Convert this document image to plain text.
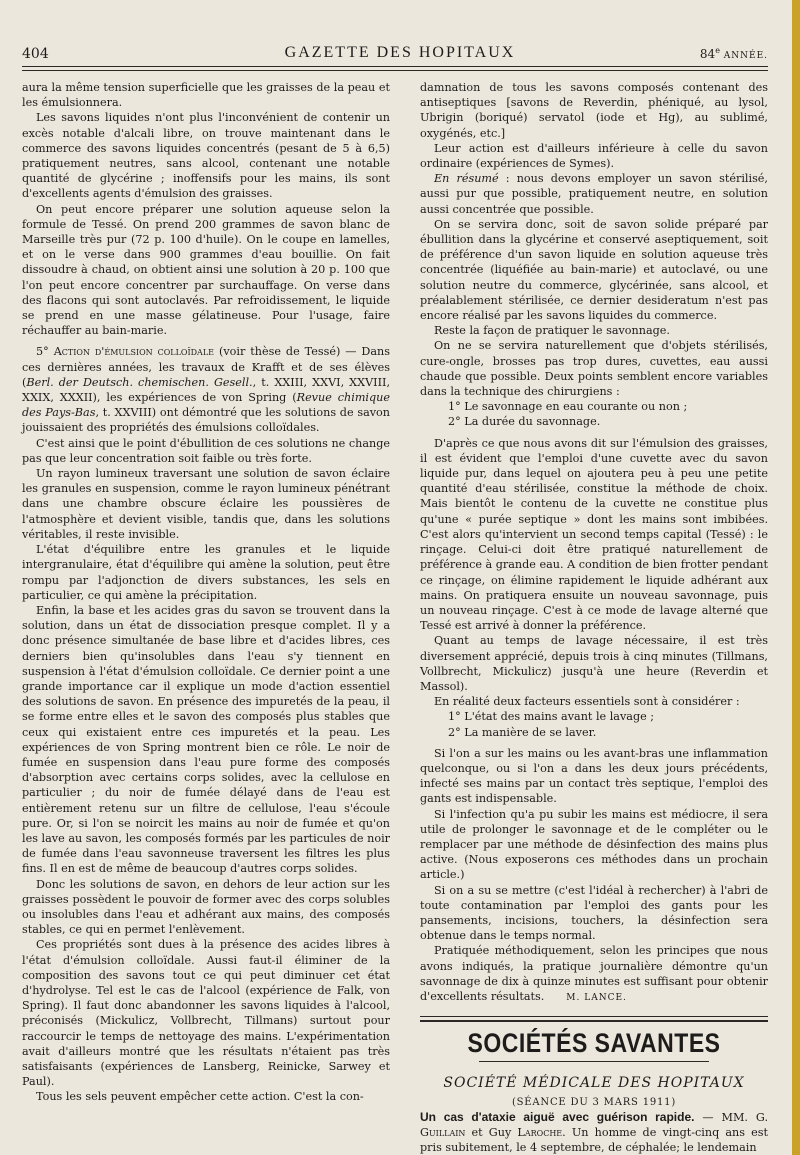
404	GAZETTE DES HOPITAUX	84e ANNÉE.

aura la même tension superficielle que les graisses de la peau et les émulsionnera.

Les savons liquides n'ont plus l'inconvénient de contenir un excès notable d'alcali libre, on trouve maintenant dans le commerce des savons liquides concentrés (pesant de 5 à 6,5) pratiquement neutres, sans alcool, contenant une notable quantité de glycérine ; inoffensifs pour les mains, ils sont d'excellents agents d'émulsion des graisses.

On peut encore préparer une solution aqueuse selon la formule de Tessé. On prend 200 grammes de savon blanc de Marseille très pur (72 p. 100 d'huile). On le coupe en lamelles, et on le verse dans 900 grammes d'eau bouillie. On fait dissoudre à chaud, on obtient ainsi une solution à 20 p. 100 que l'on peut encore concentrer par surchauffage. On verse dans des flacons qui sont autoclavés. Par refroidissement, le liquide se prend en une masse gélatineuse. Pour l'usage, faire réchauffer au bain-marie.

5° Action d'émulsion colloïdale (voir thèse de Tessé) — Dans ces dernières années, les travaux de Krafft et de ses élèves (Berl. der Deutsch. chemischen. Gesell., t. XXIII, XXVI, XXVIII, XXIX, XXXII), les expériences de von Spring (Revue chimique des Pays-Bas, t. XXVIII) ont démontré que les solutions de savon jouissaient des propriétés des émulsions colloïdales.

C'est ainsi que le point d'ébullition de ces solutions ne change pas que leur concentration soit faible ou très forte.

Un rayon lumineux traversant une solution de savon éclaire les granules en suspension, comme le rayon lumineux pénétrant dans une chambre obscure éclaire les poussières de l'atmosphère et devient visible, tandis que, dans les solutions véritables, il reste invisible.

L'état d'équilibre entre les granules et le liquide intergranulaire, état d'équilibre qui amène la solution, peut être rompu par l'adjonction de divers substances, les sels en particulier, ce qui amène la précipitation.

Enfin, la base et les acides gras du savon se trouvent dans la solution, dans un état de dissociation presque complet. Il y a donc présence simultanée de base libre et d'acides libres, ces derniers bien qu'insolubles dans l'eau s'y tiennent en suspension à l'état d'émulsion colloïdale. Ce dernier point a une grande importance car il explique un mode d'action essentiel des solutions de savon. En présence des impuretés de la peau, il se forme entre elles et le savon des composés plus stables que ceux qui existaient entre ces impuretés et la peau. Les expériences de von Spring montrent bien ce rôle. Le noir de fumée en suspension dans l'eau pure forme des composés d'absorption avec certains corps solides, avec la cellulose en particulier ; du noir de fumée délayé dans de l'eau est entièrement retenu sur un filtre de cellulose, l'eau s'écoule pure. Or, si l'on se noircit les mains au noir de fumée et qu'on les lave au savon, les composés formés par les particules de noir de fumée dans l'eau savonneuse traversent les filtres les plus fins. Il en est de même de beaucoup d'autres corps solides.

Donc les solutions de savon, en dehors de leur action sur les graisses possèdent le pouvoir de former avec des corps solubles ou insolubles dans l'eau et adhérant aux mains, des composés stables, ce qui en permet l'enlèvement.

Ces propriétés sont dues à la présence des acides libres à l'état d'émulsion colloïdale. Aussi faut-il éliminer de la composition des savons tout ce qui peut diminuer cet état d'hydrolyse. Tel est le cas de l'alcool (expérience de Falk, von Spring). Il faut donc abandonner les savons liquides à l'alcool, préconisés (Mickulicz, Vollbrecht, Tillmans) surtout pour raccourcir le temps de nettoyage des mains. L'expérimentation avait d'ailleurs montré que les résultats n'étaient pas très satisfaisants (expériences de Lansberg, Reinicke, Sarwey et Paul).

Tous les sels peuvent empêcher cette action. C'est la con-

damnation de tous les savons composés contenant des antiseptiques [savons de Reverdin, phéniqué, au lysol, Ubrigin (boriqué) servatol (iode et Hg), au sublimé, oxygénés, etc.]

Leur action est d'ailleurs inférieure à celle du savon ordinaire (expériences de Symes).

En résumé : nous devons employer un savon stérilisé, aussi pur que possible, pratiquement neutre, en solution aussi concentrée que possible.

On se servira donc, soit de savon solide préparé par ébullition dans la glycérine et conservé aseptiquement, soit de préférence d'un savon liquide en solution aqueuse très concentrée (liquéfiée au bain-marie) et autoclavé, ou une solution neutre du commerce, glycérinée, sans alcool, et préalablement stérilisée, ce dernier desideratum n'est pas encore réalisé par les savons liquides du commerce.

Reste la façon de pratiquer le savonnage.

On ne se servira naturellement que d'objets stérilisés, cure-ongle, brosses pas trop dures, cuvettes, eau aussi chaude que possible. Deux points semblent encore variables dans la technique des chirurgiens :

1° Le savonnage en eau courante ou non ;

2° La durée du savonnage.

D'après ce que nous avons dit sur l'émulsion des graisses, il est évident que l'emploi d'une cuvette avec du savon liquide pur, dans lequel on ajoutera peu à peu une petite quantité d'eau stérilisée, constitue la méthode de choix. Mais bientôt le contenu de la cuvette ne constitue plus qu'une « purée septique » dont les mains sont imbibées. C'est alors qu'intervient un second temps capital (Tessé) : le rinçage. Celui-ci doit être pratiqué naturellement de préférence à grande eau. A condition de bien frotter pendant ce rinçage, on élimine rapidement le liquide adhérant aux mains. On pratiquera ensuite un nouveau savonnage, puis un nouveau rinçage. C'est à ce mode de lavage alterné que Tessé est arrivé à donner la préférence.

Quant au temps de lavage nécessaire, il est très diversement apprécié, depuis trois à cinq minutes (Tillmans, Vollbrecht, Mickulicz) jusqu'à une heure (Reverdin et Massol).

En réalité deux facteurs essentiels sont à considérer :

1° L'état des mains avant le lavage ;

2° La manière de se laver.

Si l'on a sur les mains ou les avant-bras une inflammation quelconque, ou si l'on a dans les deux jours précédents, infecté ses mains par un contact très septique, l'emploi des gants est indispensable.

Si l'infection qu'a pu subir les mains est médiocre, il sera utile de prolonger le savonnage et de le compléter ou le remplacer par une méthode de désinfection des mains plus active. (Nous exposerons ces méthodes dans un prochain article.)

Si on a su se mettre (c'est l'idéal à rechercher) à l'abri de toute contamination par l'emploi des gants pour les pansements, incisions, touchers, la désinfection sera obtenue dans le temps normal.

Pratiquée méthodiquement, selon les principes que nous avons indiqués, la pratique journalière démontre qu'un savonnage de dix à quinze minutes est suffisant pour obtenir d'excellents résultats. M. LANCE.

SOCIÉTÉS SAVANTES
SOCIÉTÉ MÉDICALE DES HOPITAUX
(SÉANCE DU 3 MARS 1911)

Un cas d'ataxie aiguë avec guérison rapide. — MM. G. Guillain et Guy Laroche. Un homme de vingt-cinq ans est pris subitement, le 4 septembre, de céphalée; le lendemain
